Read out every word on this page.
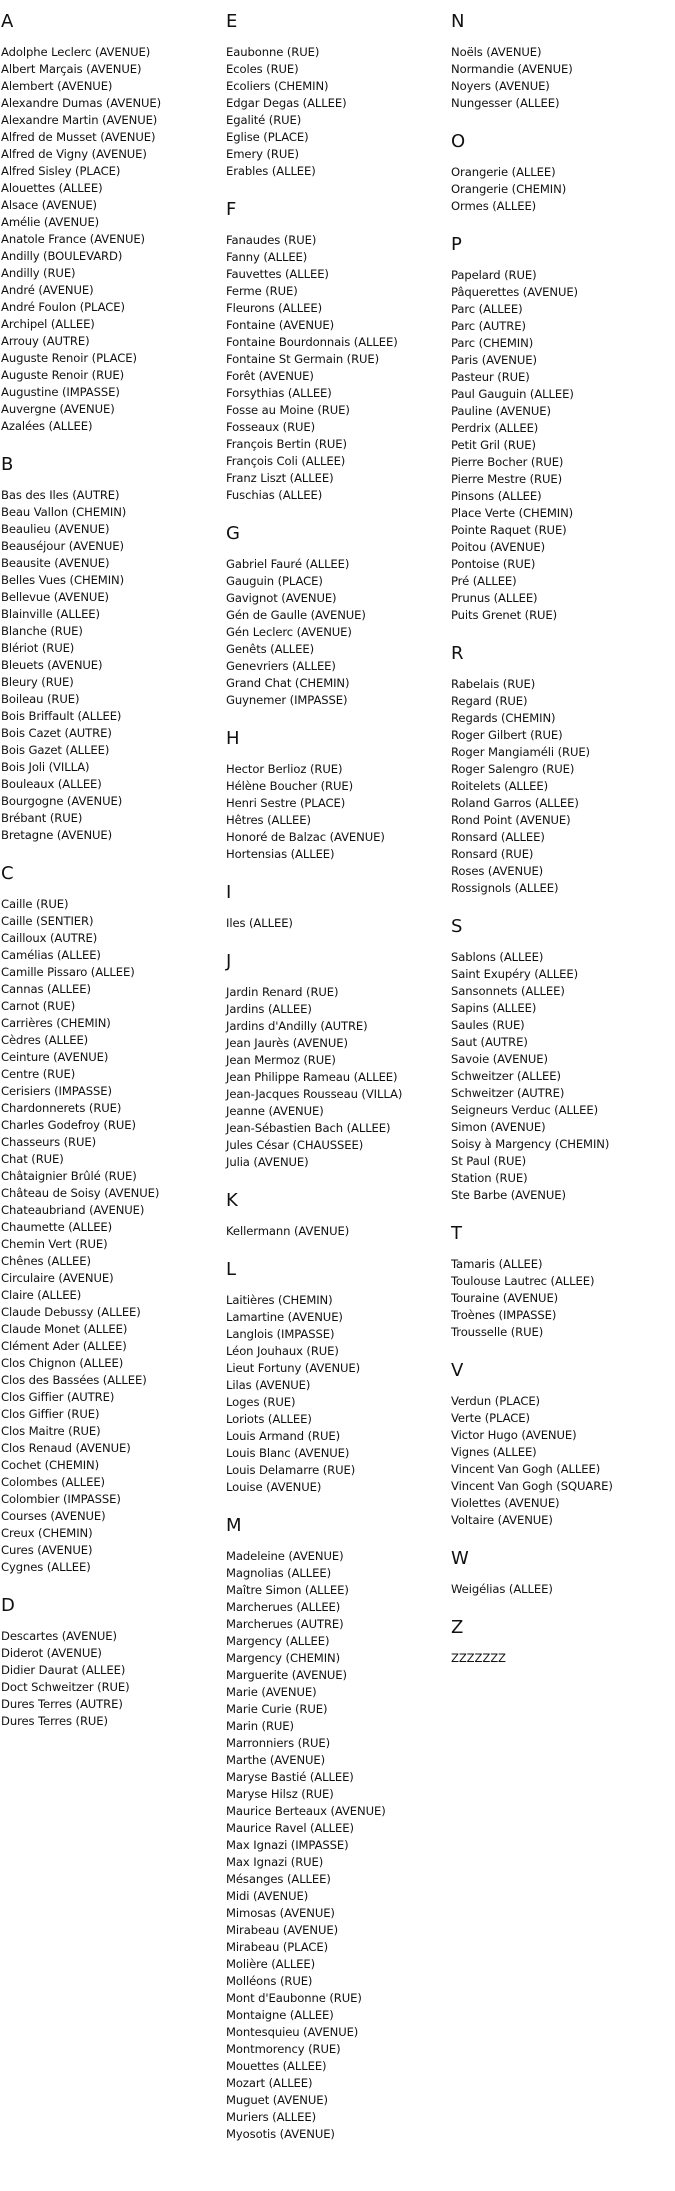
A
Adolphe Leclerc (AVENUE)
Albert Marçais (AVENUE)
Alembert (AVENUE)
Alexandre Dumas (AVENUE)
Alexandre Martin (AVENUE)
Alfred de Musset (AVENUE)
Alfred de Vigny (AVENUE)
Alfred Sisley (PLACE)
Alouettes (ALLEE)
Alsace (AVENUE)
Amélie (AVENUE)
Anatole France (AVENUE)
Andilly (BOULEVARD)
Andilly (RUE)
André (AVENUE)
André Foulon (PLACE)
Archipel (ALLEE)
Arrouy (AUTRE)
Auguste Renoir (PLACE)
Auguste Renoir (RUE)
Augustine (IMPASSE)
Auvergne (AVENUE)
Azalées (ALLEE)
B
Bas des Iles (AUTRE)
Beau Vallon (CHEMIN)
Beaulieu (AVENUE)
Beauséjour (AVENUE)
Beausite (AVENUE)
Belles Vues (CHEMIN)
Bellevue (AVENUE)
Blainville (ALLEE)
Blanche (RUE)
Blériot (RUE)
Bleuets (AVENUE)
Bleury (RUE)
Boileau (RUE)
Bois Briffault (ALLEE)
Bois Cazet (AUTRE)
Bois Gazet (ALLEE)
Bois Joli (VILLA)
Bouleaux (ALLEE)
Bourgogne (AVENUE)
Brébant (RUE)
Bretagne (AVENUE)
C
Caille (RUE)
Caille (SENTIER)
Cailloux (AUTRE)
Camélias (ALLEE)
Camille Pissaro (ALLEE)
Cannas (ALLEE)
Carnot (RUE)
Carrières (CHEMIN)
Cèdres (ALLEE)
Ceinture (AVENUE)
Centre (RUE)
Cerisiers (IMPASSE)
Chardonnerets (RUE)
Charles Godefroy (RUE)
Chasseurs (RUE)
Chat (RUE)
Châtaignier Brûlé (RUE)
Château de Soisy (AVENUE)
Chateaubriand (AVENUE)
Chaumette (ALLEE)
Chemin Vert (RUE)
Chênes (ALLEE)
Circulaire (AVENUE)
Claire (ALLEE)
Claude Debussy (ALLEE)
Claude Monet (ALLEE)
Clément Ader (ALLEE)
Clos Chignon (ALLEE)
Clos des Bassées (ALLEE)
Clos Giffier (AUTRE)
Clos Giffier (RUE)
Clos Maitre (RUE)
Clos Renaud (AVENUE)
Cochet (CHEMIN)
Colombes (ALLEE)
Colombier (IMPASSE)
Courses (AVENUE)
Creux (CHEMIN)
Cures (AVENUE)
Cygnes (ALLEE)
D
Descartes (AVENUE)
Diderot (AVENUE)
Didier Daurat (ALLEE)
Doct Schweitzer (RUE)
Dures Terres (AUTRE)
Dures Terres (RUE)
E
Eaubonne (RUE)
Ecoles (RUE)
Ecoliers (CHEMIN)
Edgar Degas (ALLEE)
Egalité (RUE)
Eglise (PLACE)
Emery (RUE)
Erables (ALLEE)
F
Fanaudes (RUE)
Fanny (ALLEE)
Fauvettes (ALLEE)
Ferme (RUE)
Fleurons (ALLEE)
Fontaine (AVENUE)
Fontaine Bourdonnais (ALLEE)
Fontaine St Germain (RUE)
Forêt (AVENUE)
Forsythias (ALLEE)
Fosse au Moine (RUE)
Fosseaux (RUE)
François Bertin (RUE)
François Coli (ALLEE)
Franz Liszt (ALLEE)
Fuschias (ALLEE)
G
Gabriel Fauré (ALLEE)
Gauguin (PLACE)
Gavignot (AVENUE)
Gén de Gaulle (AVENUE)
Gén Leclerc (AVENUE)
Genêts (ALLEE)
Genevriers (ALLEE)
Grand Chat (CHEMIN)
Guynemer (IMPASSE)
H
Hector Berlioz (RUE)
Hélène Boucher (RUE)
Henri Sestre (PLACE)
Hêtres (ALLEE)
Honoré de Balzac (AVENUE)
Hortensias (ALLEE)
I
Iles (ALLEE)
J
Jardin Renard (RUE)
Jardins (ALLEE)
Jardins d'Andilly (AUTRE)
Jean Jaurès (AVENUE)
Jean Mermoz (RUE)
Jean Philippe Rameau (ALLEE)
Jean-Jacques Rousseau (VILLA)
Jeanne (AVENUE)
Jean-Sébastien Bach (ALLEE)
Jules César (CHAUSSEE)
Julia (AVENUE)
K
Kellermann (AVENUE)
L
Laitières (CHEMIN)
Lamartine (AVENUE)
Langlois (IMPASSE)
Léon Jouhaux (RUE)
Lieut Fortuny (AVENUE)
Lilas (AVENUE)
Loges (RUE)
Loriots (ALLEE)
Louis Armand (RUE)
Louis Blanc (AVENUE)
Louis Delamarre (RUE)
Louise (AVENUE)
M
Madeleine (AVENUE)
Magnolias (ALLEE)
Maître Simon (ALLEE)
Marcherues (ALLEE)
Marcherues (AUTRE)
Margency (ALLEE)
Margency (CHEMIN)
Marguerite (AVENUE)
Marie (AVENUE)
Marie Curie (RUE)
Marin (RUE)
Marronniers (RUE)
Marthe (AVENUE)
Maryse Bastié (ALLEE)
Maryse Hilsz (RUE)
Maurice Berteaux (AVENUE)
Maurice Ravel (ALLEE)
Max Ignazi (IMPASSE)
Max Ignazi (RUE)
Mésanges (ALLEE)
Midi (AVENUE)
Mimosas (AVENUE)
Mirabeau (AVENUE)
Mirabeau (PLACE)
Molière (ALLEE)
Molléons (RUE)
Mont d'Eaubonne (RUE)
Montaigne (ALLEE)
Montesquieu (AVENUE)
Montmorency (RUE)
Mouettes (ALLEE)
Mozart (ALLEE)
Muguet (AVENUE)
Muriers (ALLEE)
Myosotis (AVENUE)
N
Noëls (AVENUE)
Normandie (AVENUE)
Noyers (AVENUE)
Nungesser (ALLEE)
O
Orangerie (ALLEE)
Orangerie (CHEMIN)
Ormes (ALLEE)
P
Papelard (RUE)
Pâquerettes (AVENUE)
Parc (ALLEE)
Parc (AUTRE)
Parc (CHEMIN)
Paris (AVENUE)
Pasteur (RUE)
Paul Gauguin (ALLEE)
Pauline (AVENUE)
Perdrix (ALLEE)
Petit Gril (RUE)
Pierre Bocher (RUE)
Pierre Mestre (RUE)
Pinsons (ALLEE)
Place Verte (CHEMIN)
Pointe Raquet (RUE)
Poitou (AVENUE)
Pontoise (RUE)
Pré (ALLEE)
Prunus (ALLEE)
Puits Grenet (RUE)
R
Rabelais (RUE)
Regard (RUE)
Regards (CHEMIN)
Roger Gilbert (RUE)
Roger Mangiaméli (RUE)
Roger Salengro (RUE)
Roitelets (ALLEE)
Roland Garros (ALLEE)
Rond Point (AVENUE)
Ronsard (ALLEE)
Ronsard (RUE)
Roses (AVENUE)
Rossignols (ALLEE)
S
Sablons (ALLEE)
Saint Exupéry (ALLEE)
Sansonnets (ALLEE)
Sapins (ALLEE)
Saules (RUE)
Saut (AUTRE)
Savoie (AVENUE)
Schweitzer (ALLEE)
Schweitzer (AUTRE)
Seigneurs Verduc (ALLEE)
Simon (AVENUE)
Soisy à Margency (CHEMIN)
St Paul (RUE)
Station (RUE)
Ste Barbe (AVENUE)
T
Tamaris (ALLEE)
Toulouse Lautrec (ALLEE)
Touraine (AVENUE)
Troènes (IMPASSE)
Trousselle (RUE)
V
Verdun (PLACE)
Verte (PLACE)
Victor Hugo (AVENUE)
Vignes (ALLEE)
Vincent Van Gogh (ALLEE)
Vincent Van Gogh (SQUARE)
Violettes (AVENUE)
Voltaire (AVENUE)
W
Weigélias (ALLEE)
Z
ZZZZZZZ
